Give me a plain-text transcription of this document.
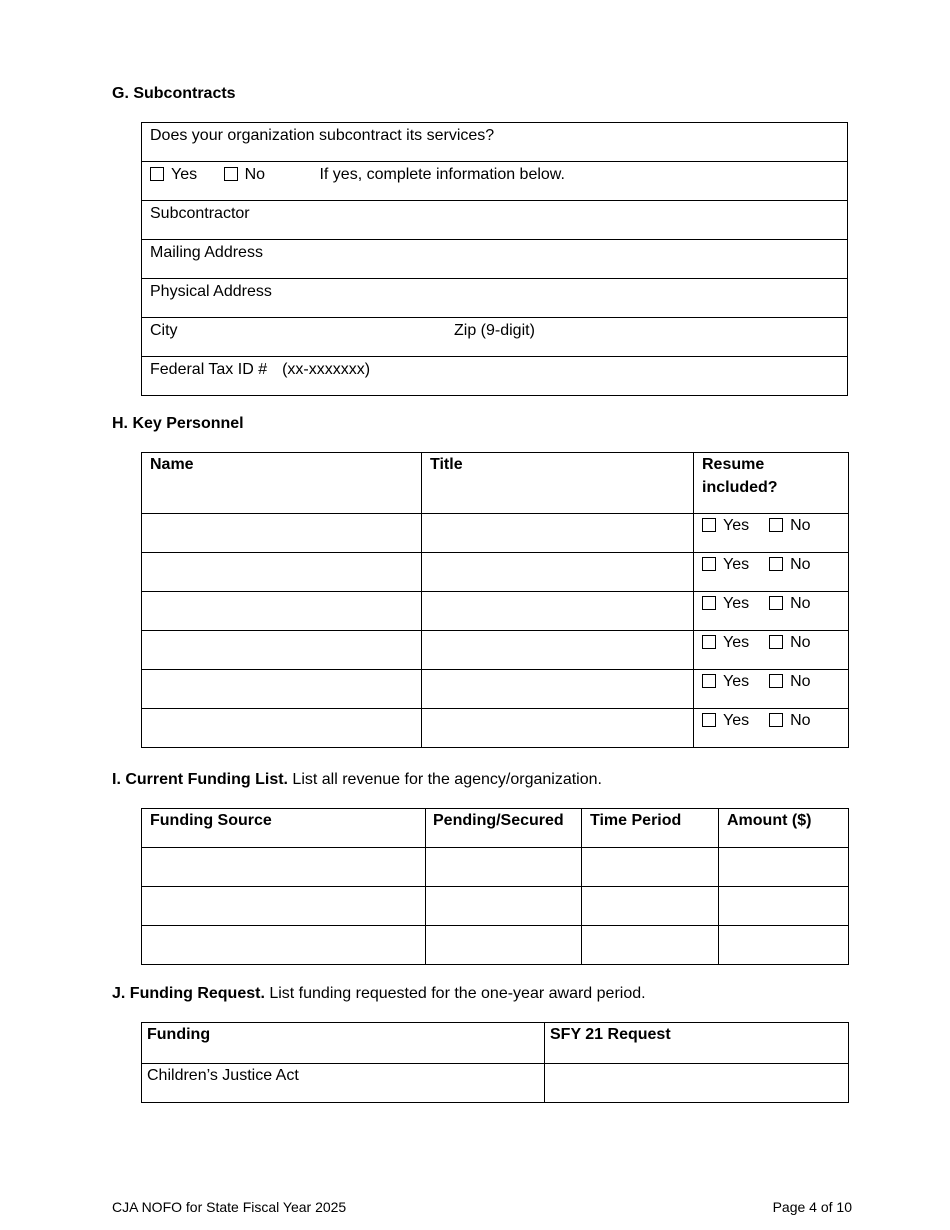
G. Subcontracts
Does your organization subcontract its services?
Yes	No	If yes, complete information below.
Subcontractor
Mailing Address
Physical Address
City	Zip (9-digit)

Federal Tax ID # (xx-xxxxxxx)
H. Key Personnel
Name	Title	Resume
included?
		Yes No
		Yes No
		Yes No
		Yes No
		Yes No
		Yes No
I. Current Funding List. List all revenue for the agency/organization.
Funding Source	Pending/Secured	Time Period	Amount ($)

J. Funding Request. List funding requested for the one-year award period.
Funding	SFY 21 Request
Children’s Justice Act	
CJA NOFO for State Fiscal Year 2025	Page 4 of 10
